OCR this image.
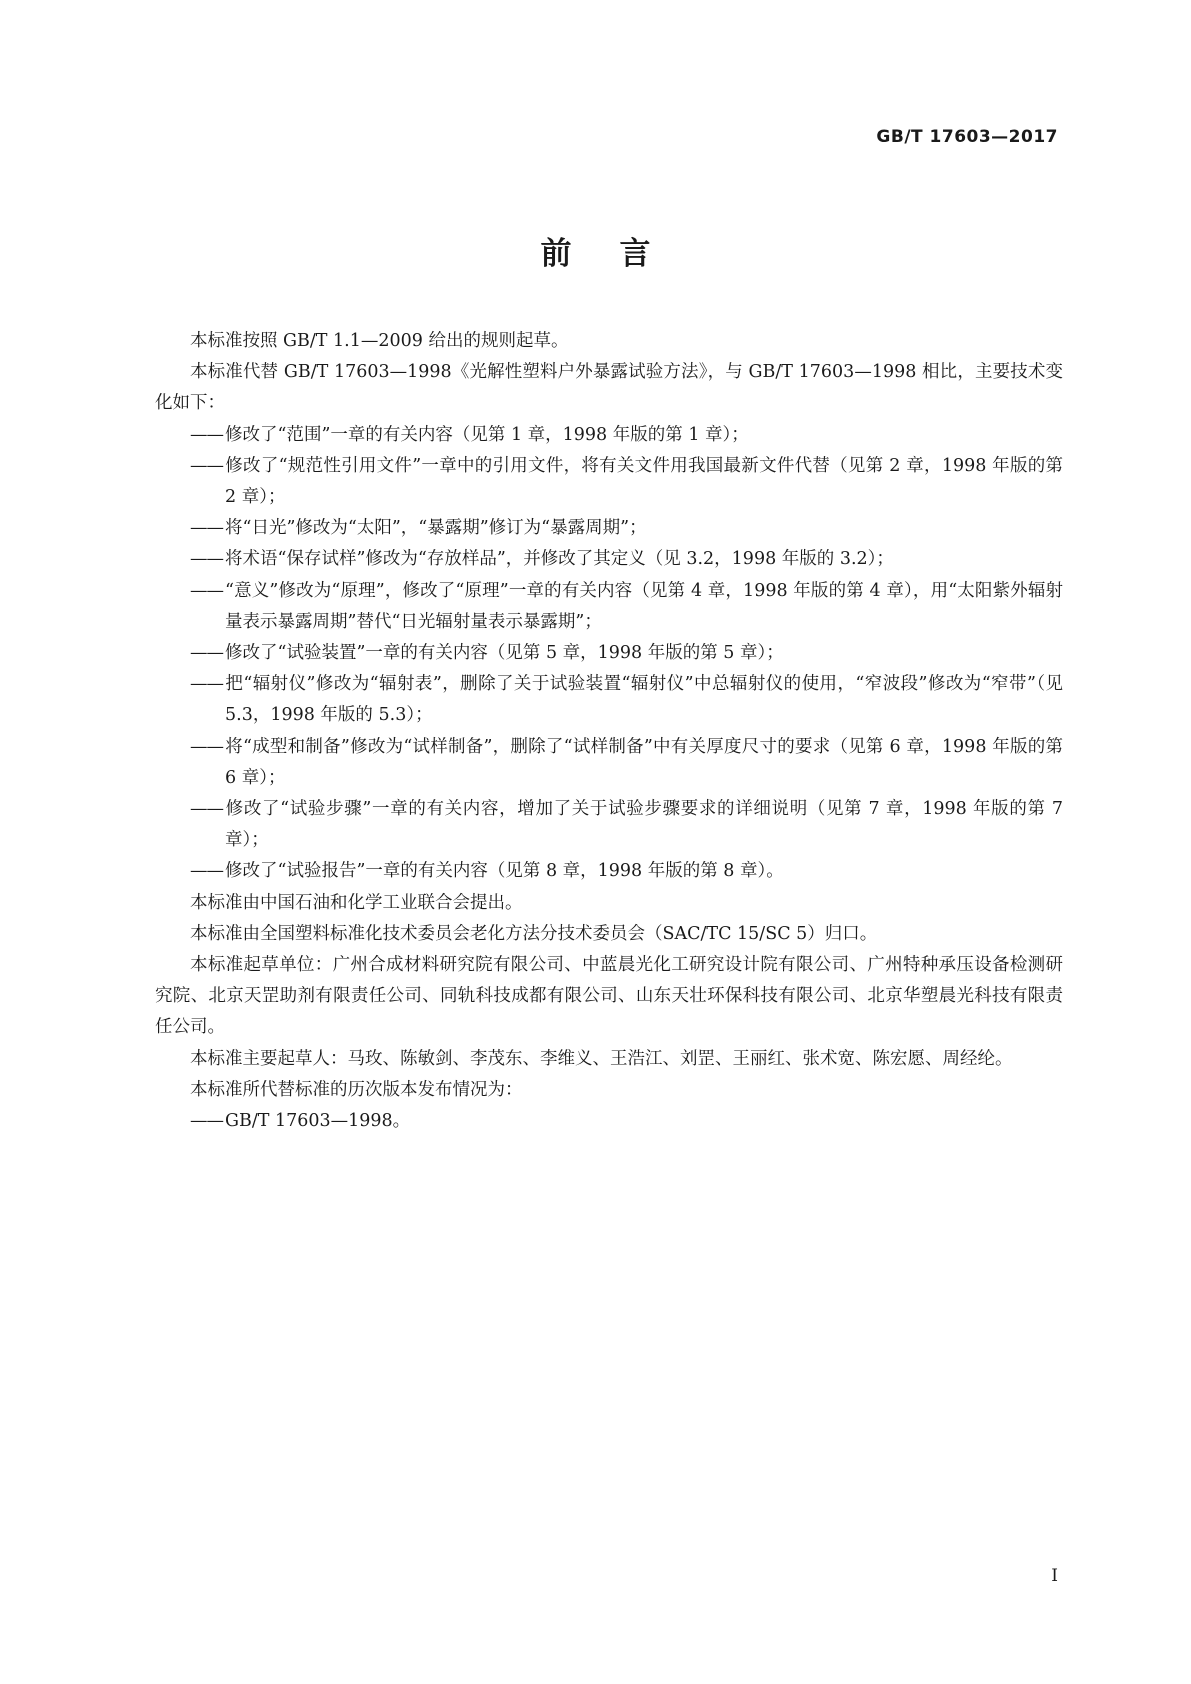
GB/T 17603—2017
前言
本标准按照 GB/T 1.1—2009 给出的规则起草。
本标准代替 GB/T 17603—1998《光解性塑料户外暴露试验方法》，与 GB/T 17603—1998 相比，主要技术变化如下：
—— 修改了“范围”一章的有关内容（见第 1 章，1998 年版的第 1 章）；
—— 修改了“规范性引用文件”一章中的引用文件，将有关文件用我国最新文件代替（见第 2 章，1998 年版的第 2 章）；
—— 将“日光”修改为“太阳”，“暴露期”修订为“暴露周期”；
—— 将术语“保存试样”修改为“存放样品”，并修改了其定义（见 3.2，1998 年版的 3.2）；
—— “意义”修改为“原理”，修改了“原理”一章的有关内容（见第 4 章，1998 年版的第 4 章），用“太阳紫外辐射量表示暴露周期”替代“日光辐射量表示暴露期”；
—— 修改了“试验装置”一章的有关内容（见第 5 章，1998 年版的第 5 章）；
—— 把“辐射仪”修改为“辐射表”，删除了关于试验装置“辐射仪”中总辐射仪的使用，“窄波段”修改为“窄带”（见 5.3，1998 年版的 5.3）；
—— 将“成型和制备”修改为“试样制备”，删除了“试样制备”中有关厚度尺寸的要求（见第 6 章，1998 年版的第 6 章）；
—— 修改了“试验步骤”一章的有关内容，增加了关于试验步骤要求的详细说明（见第 7 章，1998 年版的第 7 章）；
—— 修改了“试验报告”一章的有关内容（见第 8 章，1998 年版的第 8 章）。
本标准由中国石油和化学工业联合会提出。
本标准由全国塑料标准化技术委员会老化方法分技术委员会（SAC/TC 15/SC 5）归口。
本标准起草单位：广州合成材料研究院有限公司、中蓝晨光化工研究设计院有限公司、广州特种承压设备检测研究院、北京天罡助剂有限责任公司、同轨科技成都有限公司、山东天壮环保科技有限公司、北京华塑晨光科技有限责任公司。
本标准主要起草人：马玫、陈敏剑、李茂东、李维义、王浩江、刘罡、王丽红、张术宽、陈宏愿、周经纶。
本标准所代替标准的历次版本发布情况为：
—— GB/T 17603—1998。
I
